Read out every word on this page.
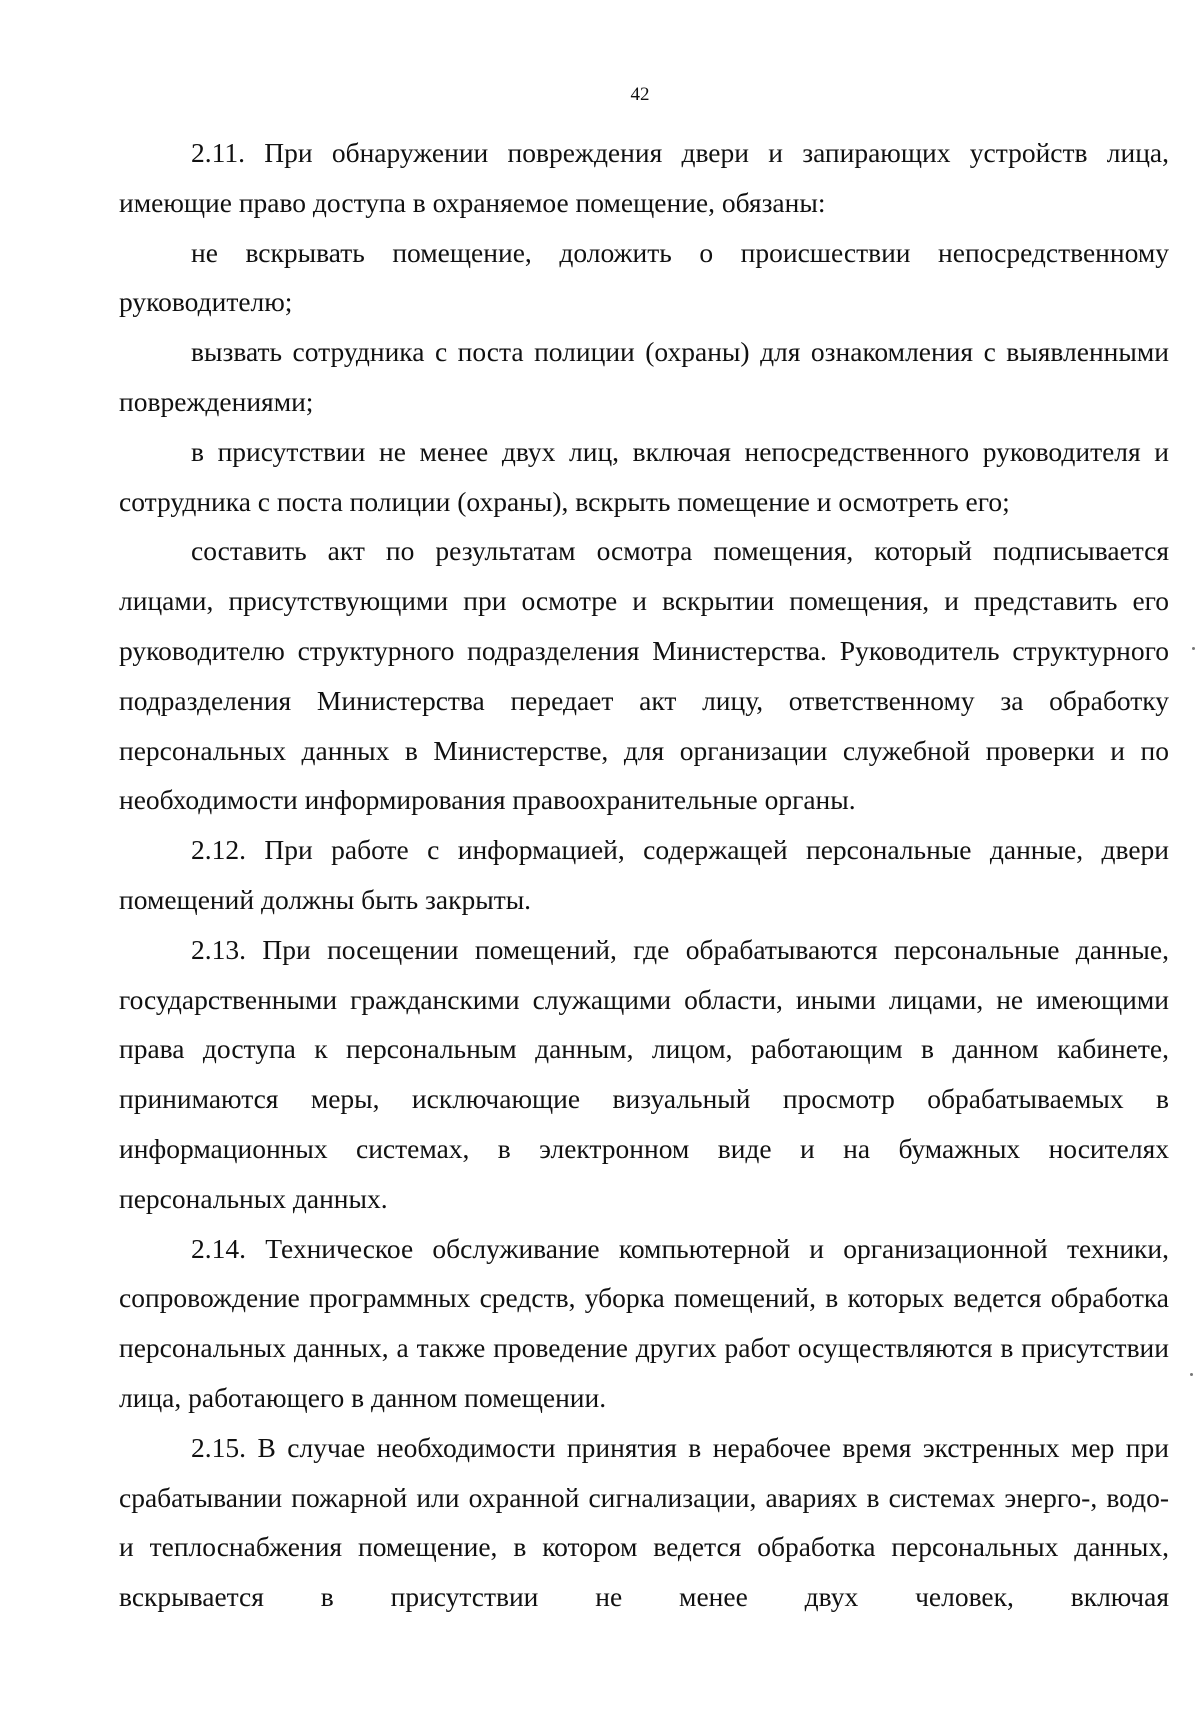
42

2.11. При обнаружении повреждения двери и запирающих устройств лица, имеющие право доступа в охраняемое помещение, обязаны:

не вскрывать помещение, доложить о происшествии непосредственному руководителю;

вызвать сотрудника с поста полиции (охраны) для ознакомления с выявленными повреждениями;

в присутствии не менее двух лиц, включая непосредственного руководителя и сотрудника с поста полиции (охраны), вскрыть помещение и осмотреть его;

составить акт по результатам осмотра помещения, который подписывается лицами, присутствующими при осмотре и вскрытии помещения, и представить его руководителю структурного подразделения Министерства. Руководитель структурного подразделения Министерства передает акт лицу, ответственному за обработку персональных данных в Министерстве, для организации служебной проверки и по необходимости информирования правоохранительные органы.

2.12. При работе с информацией, содержащей персональные данные, двери помещений должны быть закрыты.

2.13. При посещении помещений, где обрабатываются персональные данные, государственными гражданскими служащими области, иными лицами, не имеющими права доступа к персональным данным, лицом, работающим в данном кабинете, принимаются меры, исключающие визуальный просмотр обрабатываемых в информационных системах, в электронном виде и на бумажных носителях персональных данных.

2.14. Техническое обслуживание компьютерной и организационной техники, сопровождение программных средств, уборка помещений, в которых ведется обработка персональных данных, а также проведение других работ осуществляются в присутствии лица, работающего в данном помещении.

2.15. В случае необходимости принятия в нерабочее время экстренных мер при срабатывании пожарной или охранной сигнализации, авариях в системах энерго-, водо- и теплоснабжения помещение, в котором ведется обработка персональных данных, вскрывается в присутствии не менее двух человек, включая
